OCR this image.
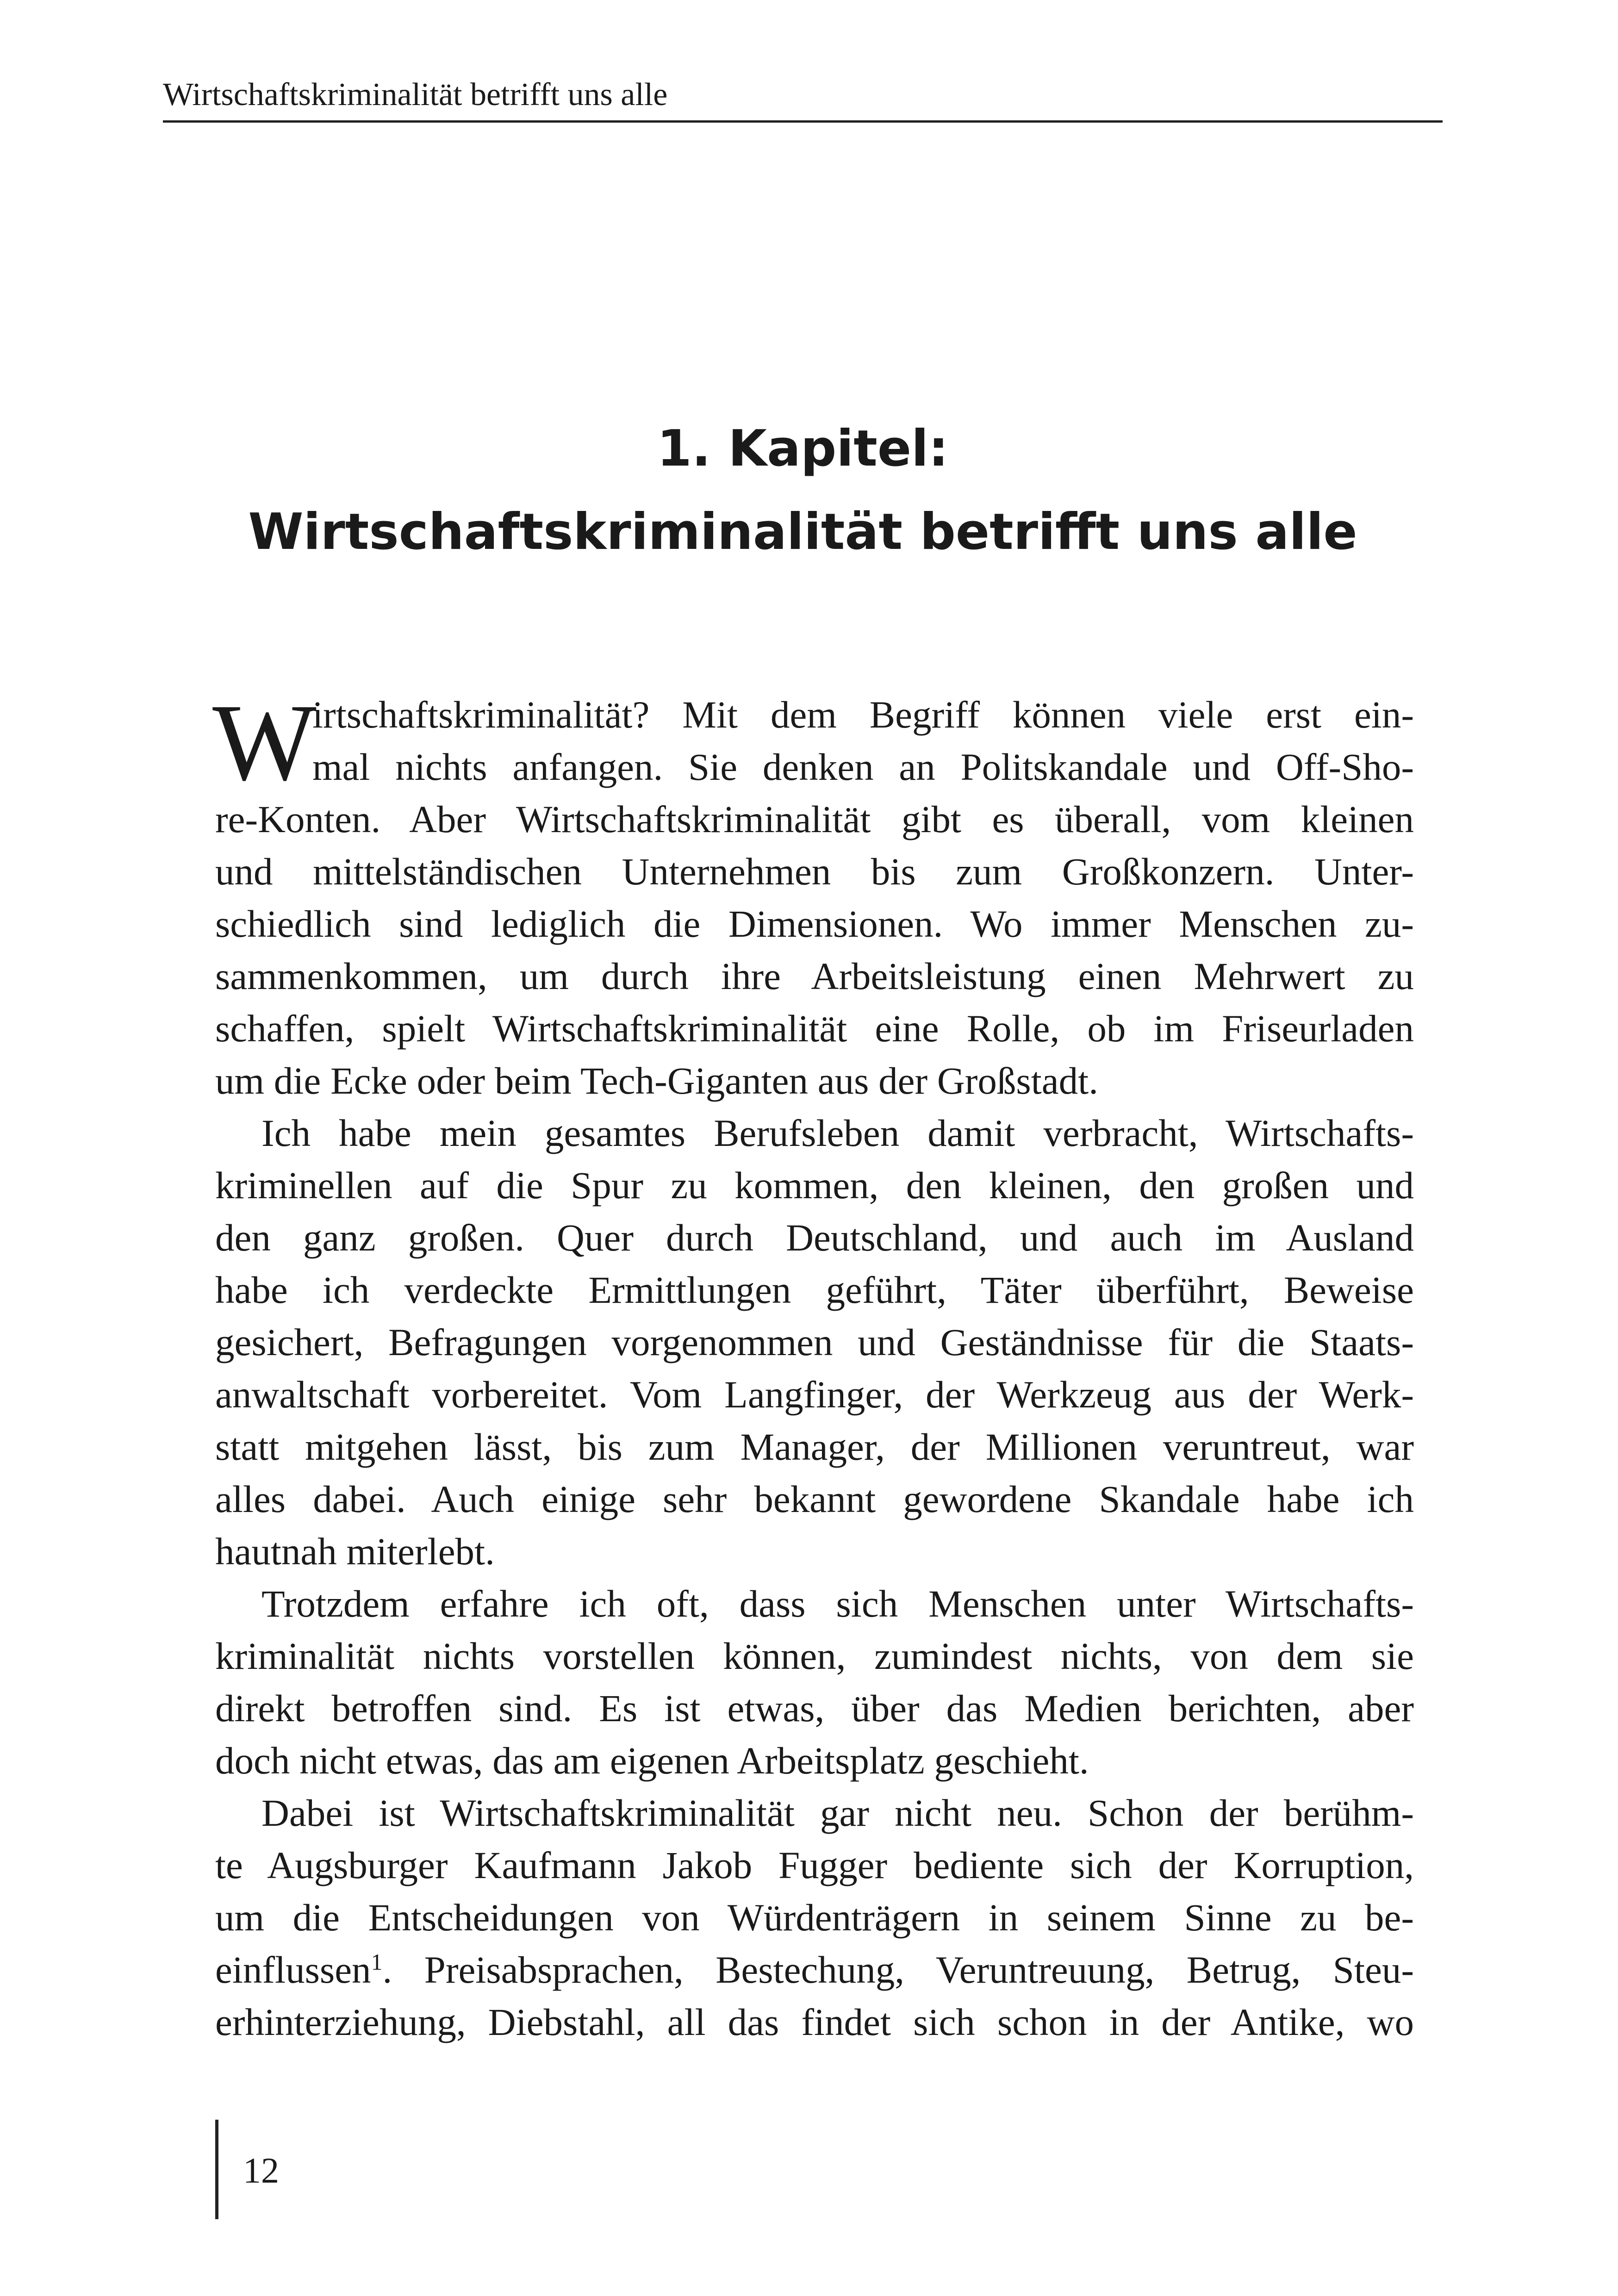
Wirtschaftskriminalität betrifft uns alle
1. Kapitel:
Wirtschaftskriminalität betrifft uns alle
W
irtschaftskriminalität? Mit dem Begriff können viele erst ein-
mal nichts anfangen. Sie denken an Politskandale und Off-Sho-
re-Konten. Aber Wirtschaftskriminalität gibt es überall, vom kleinen
und mittelständischen Unternehmen bis zum Großkonzern. Unter-
schiedlich sind lediglich die Dimensionen. Wo immer Menschen zu-
sammenkommen, um durch ihre Arbeitsleistung einen Mehrwert zu
schaffen, spielt Wirtschaftskriminalität eine Rolle, ob im Friseurladen
um die Ecke oder beim Tech-Giganten aus der Großstadt.
Ich habe mein gesamtes Berufsleben damit verbracht, Wirtschafts-
kriminellen auf die Spur zu kommen, den kleinen, den großen und
den ganz großen. Quer durch Deutschland, und auch im Ausland
habe ich verdeckte Ermittlungen geführt, Täter überführt, Beweise
gesichert, Befragungen vorgenommen und Geständnisse für die Staats-
anwaltschaft vorbereitet. Vom Langfinger, der Werkzeug aus der Werk-
statt mitgehen lässt, bis zum Manager, der Millionen veruntreut, war
alles dabei. Auch einige sehr bekannt gewordene Skandale habe ich
hautnah miterlebt.
Trotzdem erfahre ich oft, dass sich Menschen unter Wirtschafts-
kriminalität nichts vorstellen können, zumindest nichts, von dem sie
direkt betroffen sind. Es ist etwas, über das Medien berichten, aber
doch nicht etwas, das am eigenen Arbeitsplatz geschieht.
Dabei ist Wirtschaftskriminalität gar nicht neu. Schon der berühm-
te Augsburger Kaufmann Jakob Fugger bediente sich der Korruption,
um die Entscheidungen von Würdenträgern in seinem Sinne zu be-
einflussen$^1$. Preisabsprachen, Bestechung, Veruntreuung, Betrug, Steu-
erhinterziehung, Diebstahl, all das findet sich schon in der Antike, wo
12
